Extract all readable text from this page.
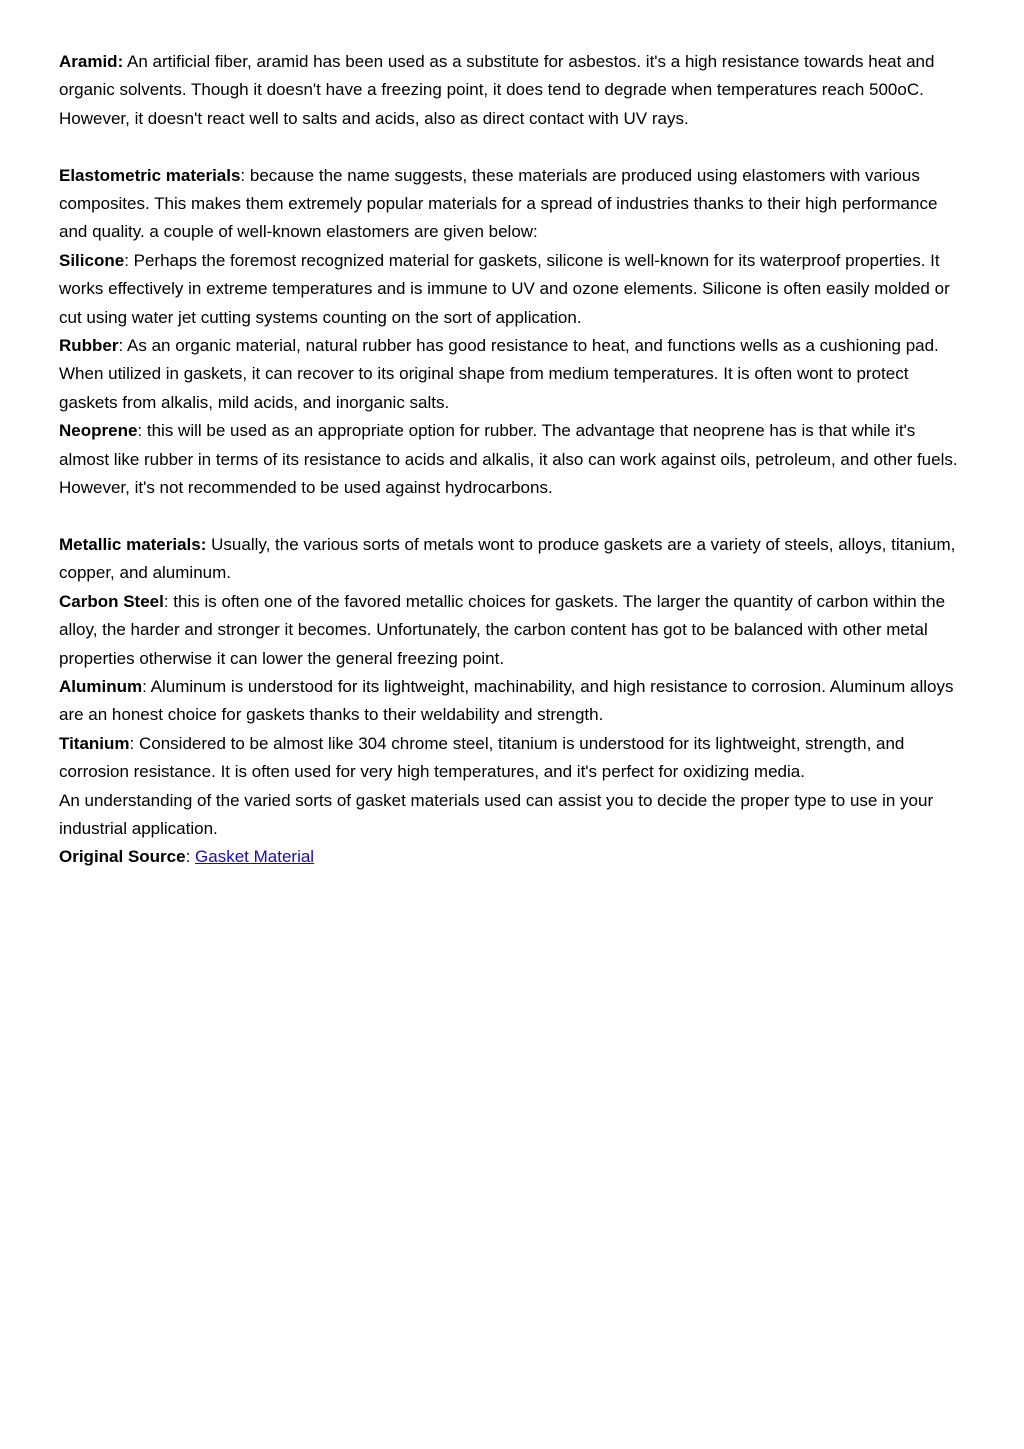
Aramid: An artificial fiber, aramid has been used as a substitute for asbestos. it's a high resistance towards heat and organic solvents. Though it doesn't have a freezing point, it does tend to degrade when temperatures reach 500oC. However, it doesn't react well to salts and acids, also as direct contact with UV rays.

Elastometric materials: because the name suggests, these materials are produced using elastomers with various composites. This makes them extremely popular materials for a spread of industries thanks to their high performance and quality. a couple of well-known elastomers are given below:

Silicone: Perhaps the foremost recognized material for gaskets, silicone is well-known for its waterproof properties. It works effectively in extreme temperatures and is immune to UV and ozone elements. Silicone is often easily molded or cut using water jet cutting systems counting on the sort of application.

Rubber: As an organic material, natural rubber has good resistance to heat, and functions wells as a cushioning pad. When utilized in gaskets, it can recover to its original shape from medium temperatures. It is often wont to protect gaskets from alkalis, mild acids, and inorganic salts.

Neoprene: this will be used as an appropriate option for rubber. The advantage that neoprene has is that while it's almost like rubber in terms of its resistance to acids and alkalis, it also can work against oils, petroleum, and other fuels. However, it's not recommended to be used against hydrocarbons.

Metallic materials: Usually, the various sorts of metals wont to produce gaskets are a variety of steels, alloys, titanium, copper, and aluminum.

Carbon Steel: this is often one of the favored metallic choices for gaskets. The larger the quantity of carbon within the alloy, the harder and stronger it becomes. Unfortunately, the carbon content has got to be balanced with other metal properties otherwise it can lower the general freezing point.

Aluminum: Aluminum is understood for its lightweight, machinability, and high resistance to corrosion. Aluminum alloys are an honest choice for gaskets thanks to their weldability and strength.

Titanium: Considered to be almost like 304 chrome steel, titanium is understood for its lightweight, strength, and corrosion resistance. It is often used for very high temperatures, and it's perfect for oxidizing media.

An understanding of the varied sorts of gasket materials used can assist you to decide the proper type to use in your industrial application.

Original Source: Gasket Material
